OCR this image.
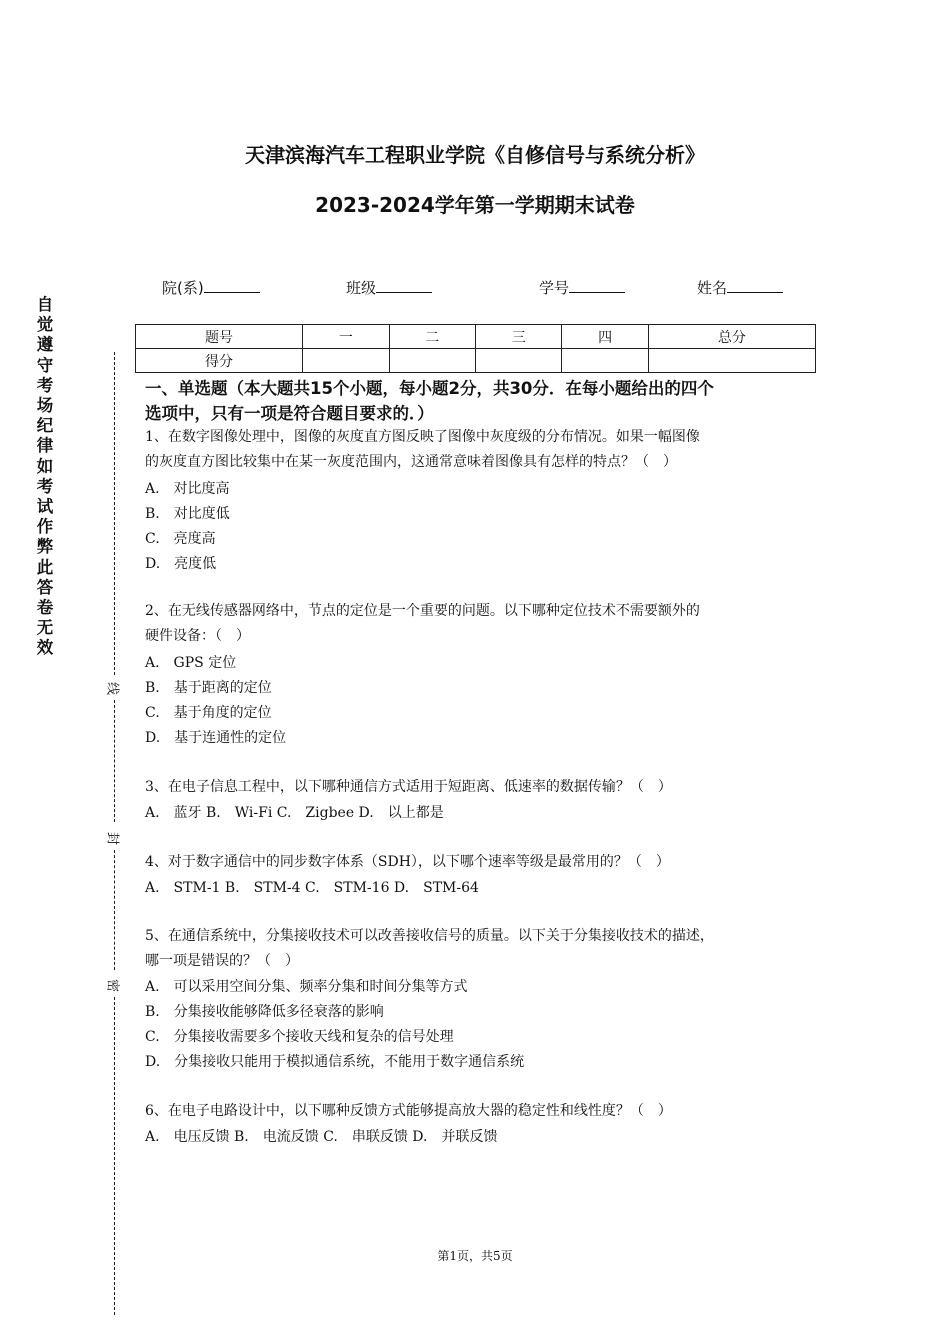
天津滨海汽车工程职业学院《自修信号与系统分析》
2023-2024学年第一学期期末试卷
院(系)	班级	学号	姓名
题号	一	二	三	四	总分
得分					
自觉遵守考场纪律如考试作弊此答卷无效
线
封
密
一、单选题（本大题共15个小题，每小题2分，共30分．在每小题给出的四个
选项中，只有一项是符合题目要求的．）
1、在数字图像处理中，图像的灰度直方图反映了图像中灰度级的分布情况。如果一幅图像
的灰度直方图比较集中在某一灰度范围内，这通常意味着图像具有怎样的特点？（　）
A.　对比度高
B.　对比度低
C.　亮度高
D.　亮度低
2、在无线传感器网络中，节点的定位是一个重要的问题。以下哪种定位技术不需要额外的
硬件设备：（　）
A.　GPS 定位
B.　基于距离的定位
C.　基于角度的定位
D.　基于连通性的定位
3、在电子信息工程中，以下哪种通信方式适用于短距离、低速率的数据传输？（　）
A.　蓝牙 B.　Wi-Fi C.　Zigbee D.　以上都是
4、对于数字通信中的同步数字体系（SDH），以下哪个速率等级是最常用的？（　）
A.　STM-1 B.　STM-4 C.　STM-16 D.　STM-64
5、在通信系统中，分集接收技术可以改善接收信号的质量。以下关于分集接收技术的描述，
哪一项是错误的？（　）
A.　可以采用空间分集、频率分集和时间分集等方式
B.　分集接收能够降低多径衰落的影响
C.　分集接收需要多个接收天线和复杂的信号处理
D.　分集接收只能用于模拟通信系统，不能用于数字通信系统
6、在电子电路设计中，以下哪种反馈方式能够提高放大器的稳定性和线性度？（　）
A.　电压反馈 B.　电流反馈 C.　串联反馈 D.　并联反馈
第1页，共5页
